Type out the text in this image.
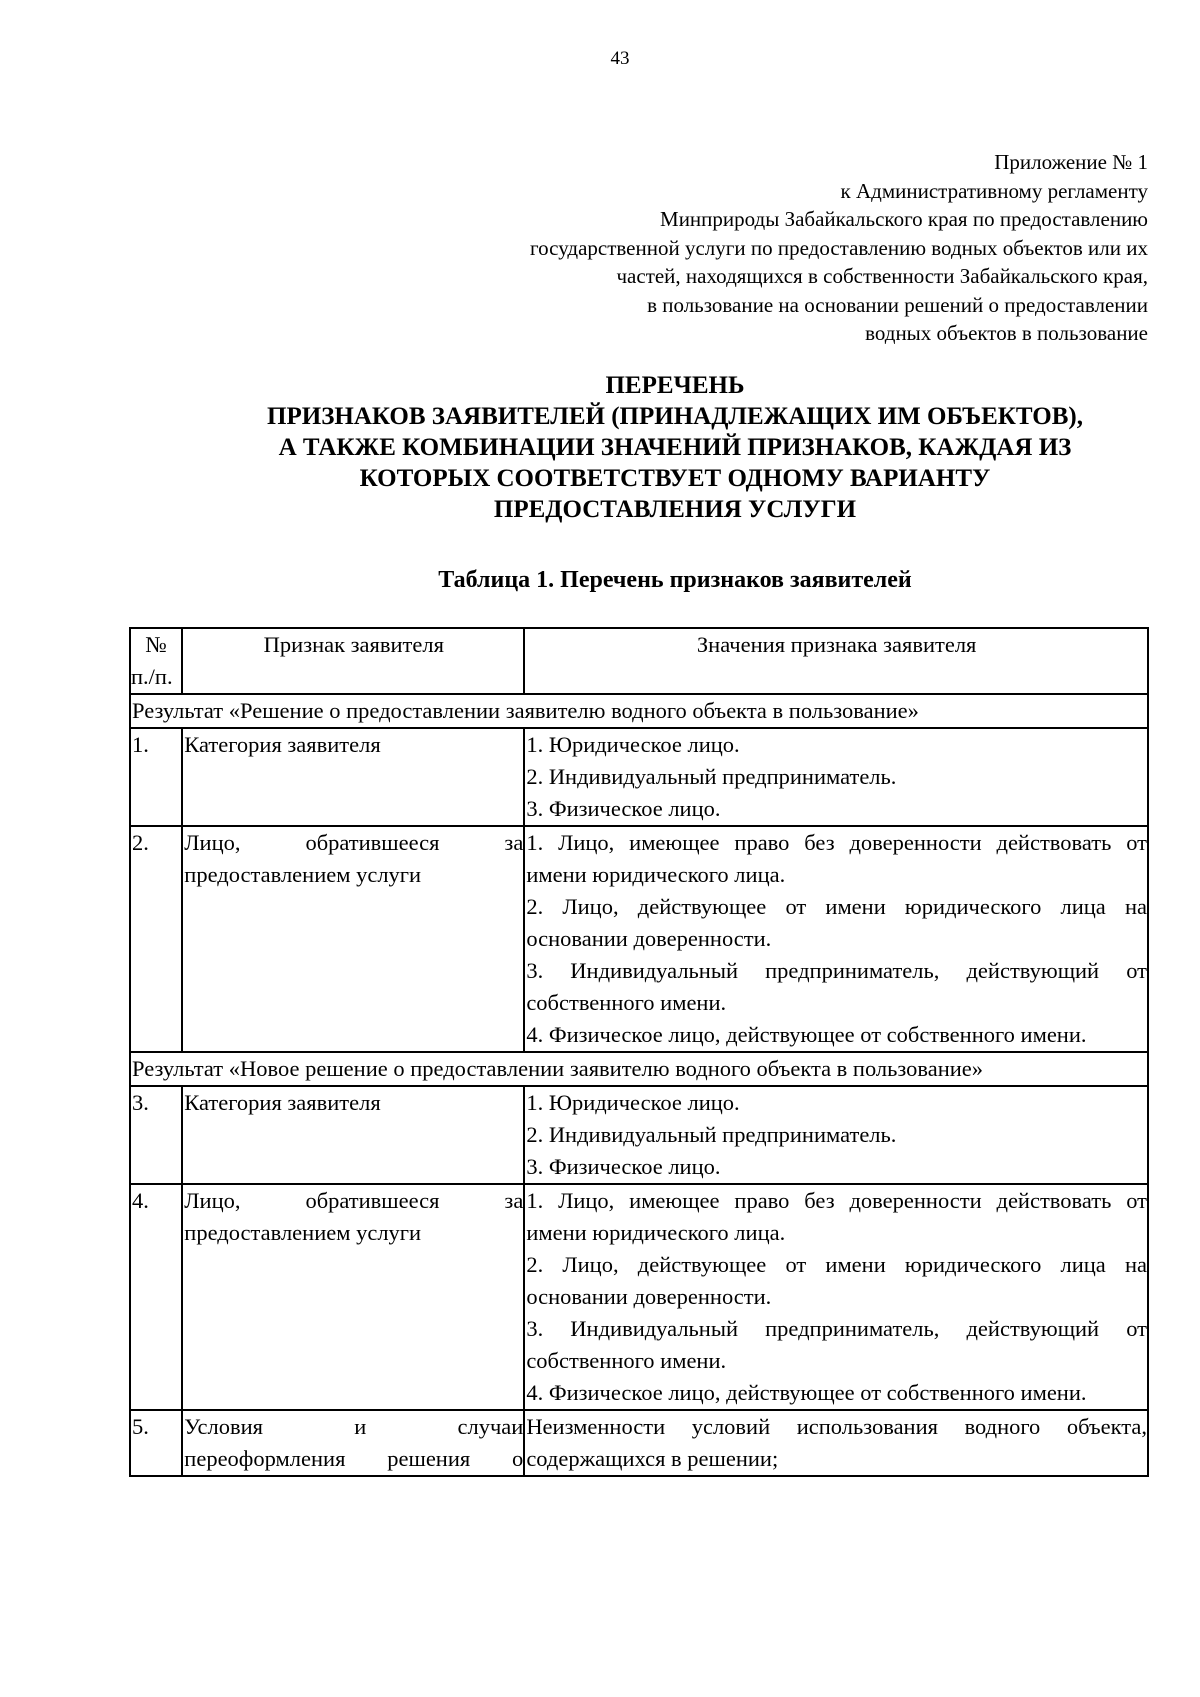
43
Приложение № 1
к Административному регламенту
Минприроды Забайкальского края по предоставлению
государственной услуги по предоставлению водных объектов или их
частей, находящихся в собственности Забайкальского края,
в пользование на основании решений о предоставлении
водных объектов в пользование
ПЕРЕЧЕНЬ
ПРИЗНАКОВ ЗАЯВИТЕЛЕЙ (ПРИНАДЛЕЖАЩИХ ИМ ОБЪЕКТОВ),
А ТАКЖЕ КОМБИНАЦИИ ЗНАЧЕНИЙ ПРИЗНАКОВ, КАЖДАЯ ИЗ
КОТОРЫХ СООТВЕТСТВУЕТ ОДНОМУ ВАРИАНТУ
ПРЕДОСТАВЛЕНИЯ УСЛУГИ
Таблица 1. Перечень признаков заявителей
№
п./п.	Признак заявителя	Значения признака заявителя
Результат «Решение о предоставлении заявителю водного объекта в пользование»		
1.	Категория заявителя	1. Юридическое лицо.
2. Индивидуальный предприниматель.
3. Физическое лицо.

2.	Лицо, обратившееся за
предоставлением услуги	1. Лицо, имеющее право без доверенности действовать от имени юридического лица.
2. Лицо, действующее от имени юридического лица на основании доверенности.
3. Индивидуальный предприниматель, действующий от собственного имени.
4. Физическое лицо, действующее от собственного имени.

Результат «Новое решение о предоставлении заявителю водного объекта в пользование»		
3.	Категория заявителя	1. Юридическое лицо.
2. Индивидуальный предприниматель.
3. Физическое лицо.

4.	Лицо, обратившееся за
предоставлением услуги	1. Лицо, имеющее право без доверенности действовать от имени юридического лица.
2. Лицо, действующее от имени юридического лица на основании доверенности.
3. Индивидуальный предприниматель, действующий от собственного имени.
4. Физическое лицо, действующее от собственного имени.

5.	Условия и случаи
переоформления решения о	Неизменности условий использования водного объекта, содержащихся в решении;
